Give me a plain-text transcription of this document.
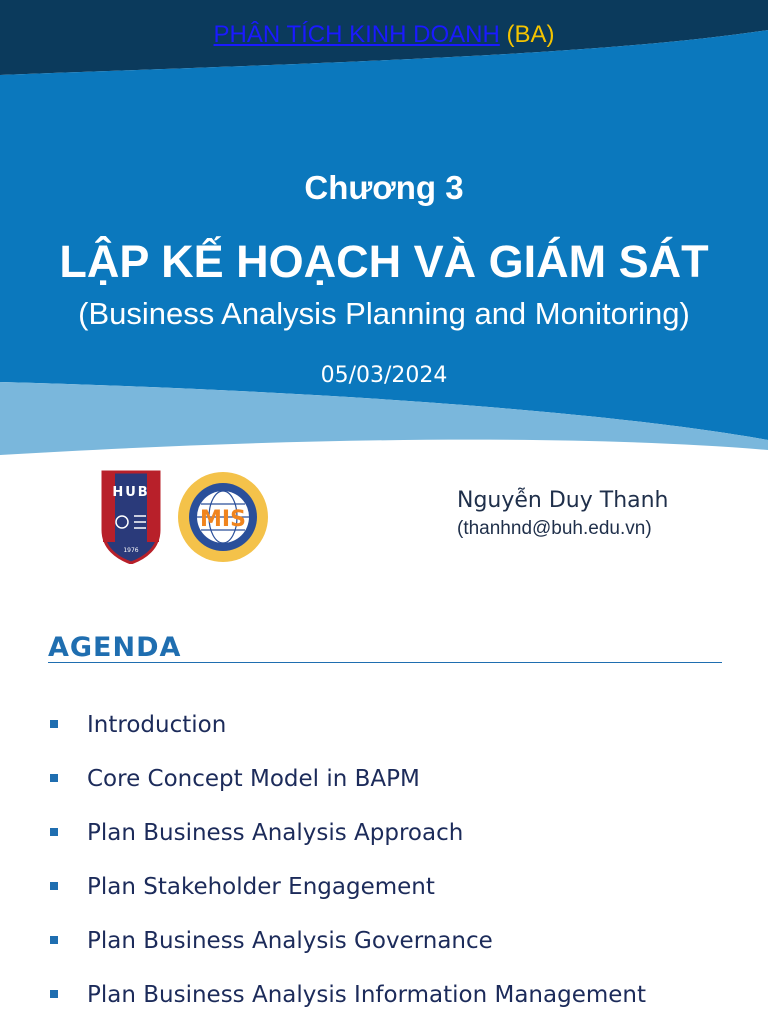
PHÂN TÍCH KINH DOANH (BA)
Chương 3
LẬP KẾ HOẠCH VÀ GIÁM SÁT
(Business Analysis Planning and Monitoring)
05/03/2024
HUB
1976
MIS
Nguyễn Duy Thanh
(thanhnd@buh.edu.vn)
AGENDA
Introduction
Core Concept Model in BAPM
Plan Business Analysis Approach
Plan Stakeholder Engagement
Plan Business Analysis Governance
Plan Business Analysis Information Management
